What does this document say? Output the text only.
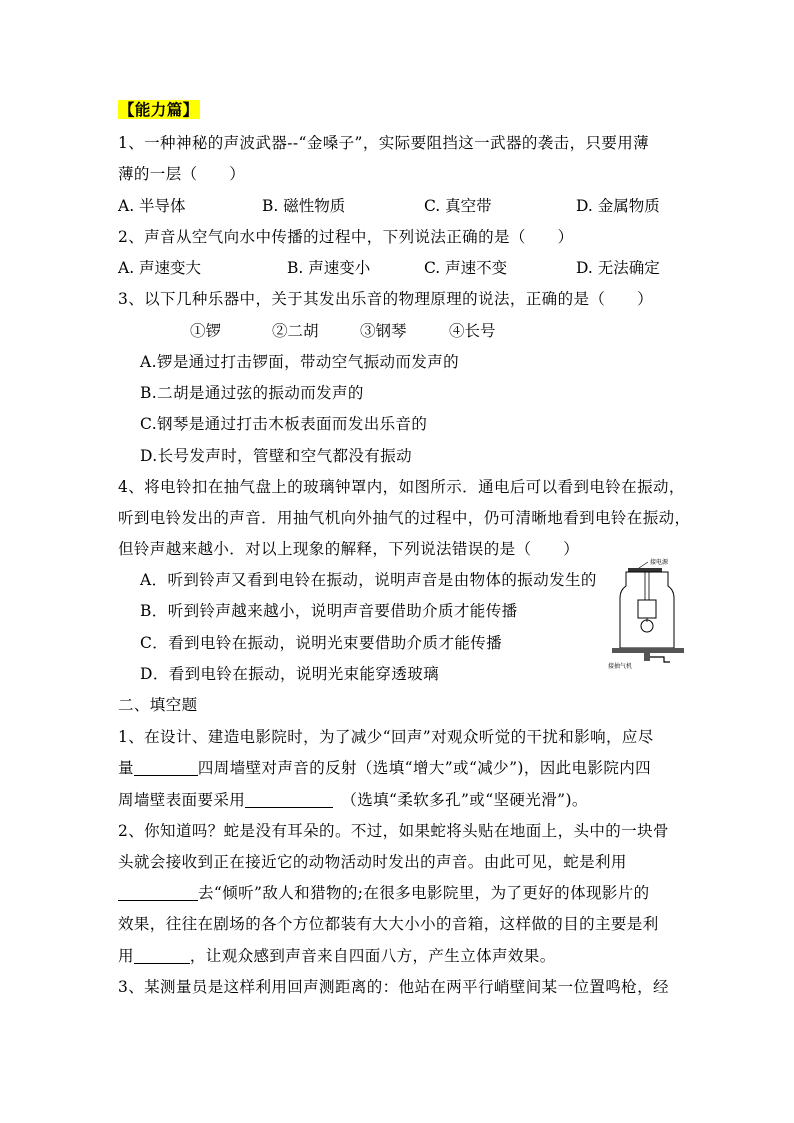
【能力篇】
1、一种神秘的声波武器--“金嗓子”，实际要阻挡这一武器的袭击，只要用薄
薄的一层（　　）
A. 半导体	B. 磁性物质	C. 真空带	D. 金属物质
2、声音从空气向水中传播的过程中，下列说法正确的是（　　）
A. 声速变大	B. 声速变小	C. 声速不变	D. 无法确定
3、以下几种乐器中，关于其发出乐音的物理原理的说法，正确的是（　　）
①锣	②二胡	③钢琴	④长号
A.锣是通过打击锣面，带动空气振动而发声的
B.二胡是通过弦的振动而发声的
C.钢琴是通过打击木板表面而发出乐音的
D.长号发声时，管壁和空气都没有振动
4、将电铃扣在抽气盘上的玻璃钟罩内，如图所示．通电后可以看到电铃在振动，
听到电铃发出的声音．用抽气机向外抽气的过程中，仍可清晰地看到电铃在振动，
但铃声越来越小．对以上现象的解释，下列说法错误的是（　　）
A．听到铃声又看到电铃在振动，说明声音是由物体的振动发生的
B．听到铃声越来越小，说明声音要借助介质才能传播
C．看到电铃在振动，说明光束要借助介质才能传播
D．看到电铃在振动，说明光束能穿透玻璃
接电源
接抽气机
二、填空题
1、在设计、建造电影院时，为了减少“回声”对观众听觉的干扰和影响，应尽
量	四周墙壁对声音的反射（选填“增大”或“减少”)，因此电影院内四
周墙壁表面要采用　	（选填“柔软多孔”或“坚硬光滑”)。
2、你知道吗？蛇是没有耳朵的。不过，如果蛇将头贴在地面上，头中的一块骨
头就会接收到正在接近它的动物活动时发出的声音。由此可见，蛇是利用
去“倾听”敌人和猎物的;在很多电影院里，为了更好的体现影片的
效果，往往在剧场的各个方位都装有大大小小的音箱，这样做的目的主要是利
用	，让观众感到声音来自四面八方，产生立体声效果。
3、某测量员是这样利用回声测距离的：他站在两平行峭壁间某一位置鸣枪，经
